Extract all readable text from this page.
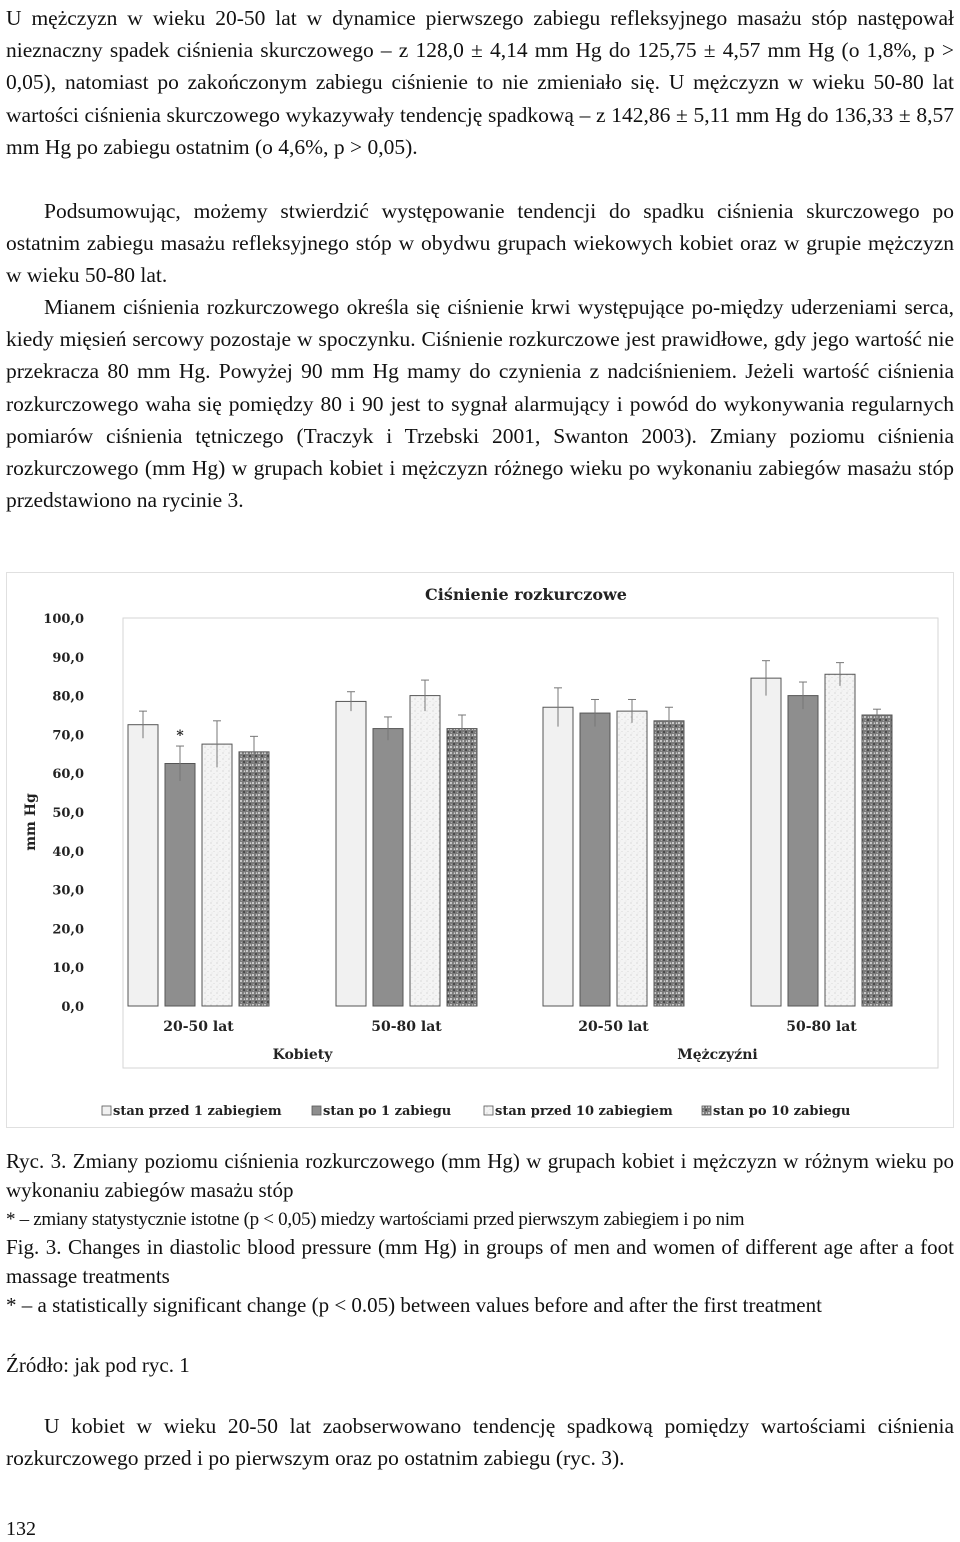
U mężczyzn w wieku 20-50 lat w dynamice pierwszego zabiegu refleksyjnego masażu stóp następował nieznaczny spadek ciśnienia skurczowego – z 128,0 ± 4,14 mm Hg do 125,75 ± 4,57 mm Hg (o 1,8%, p > 0,05), natomiast po zakończonym zabiegu ciśnienie to nie zmieniało się. U mężczyzn w wieku 50-80 lat wartości ciśnienia skurczowego wykazywały tendencję spadkową – z 142,86 ± 5,11 mm Hg do 136,33 ± 8,57 mm Hg po zabiegu ostatnim (o 4,6%, p > 0,05).

Podsumowując, możemy stwierdzić występowanie tendencji do spadku ciśnienia skurczowego po ostatnim zabiegu masażu refleksyjnego stóp w obydwu grupach wiekowych kobiet oraz w grupie mężczyzn w wieku 50-80 lat.

Mianem ciśnienia rozkurczowego określa się ciśnienie krwi występujące po-między uderzeniami serca, kiedy mięsień sercowy pozostaje w spoczynku. Ciśnienie rozkurczowe jest prawidłowe, gdy jego wartość nie przekracza 80 mm Hg. Powyżej 90 mm Hg mamy do czynienia z nadciśnieniem. Jeżeli wartość ciśnienia rozkurczowego waha się pomiędzy 80 i 90 jest to sygnał alarmujący i powód do wykonywania regularnych pomiarów ciśnienia tętniczego (Traczyk i Trzebski 2001, Swanton 2003). Zmiany poziomu ciśnienia rozkurczowego (mm Hg) w grupach kobiet i mężczyzn różnego wieku po wykonaniu zabiegów masażu stóp przedstawiono na rycinie 3.

Ciśnienie rozkurczowe
mm Hg
0,0
10,0
20,0
30,0
40,0
50,0
60,0
70,0
80,0
90,0
100,0
*
20-50 lat	50-80 lat	20-50 lat	50-80 lat
Kobiety	Mężczyźni
stan przed 1 zabiegiem	stan po 1 zabiegu	stan przed 10 zabiegiem	stan po 10 zabiegu

Ryc. 3. Zmiany poziomu ciśnienia rozkurczowego (mm Hg) w grupach kobiet i mężczyzn w różnym wieku po wykonaniu zabiegów masażu stóp

* – zmiany statystycznie istotne (p < 0,05) miedzy wartościami przed pierwszym zabiegiem i po nim

Fig. 3. Changes in diastolic blood pressure (mm Hg) in groups of men and women of different age after a foot massage treatments

* – a statistically significant change (p < 0.05) between values before and after the first treatment

Źródło: jak pod ryc. 1

U kobiet w wieku 20-50 lat zaobserwowano tendencję spadkową pomiędzy wartościami ciśnienia rozkurczowego przed i po pierwszym oraz po ostatnim zabiegu (ryc. 3).

132
